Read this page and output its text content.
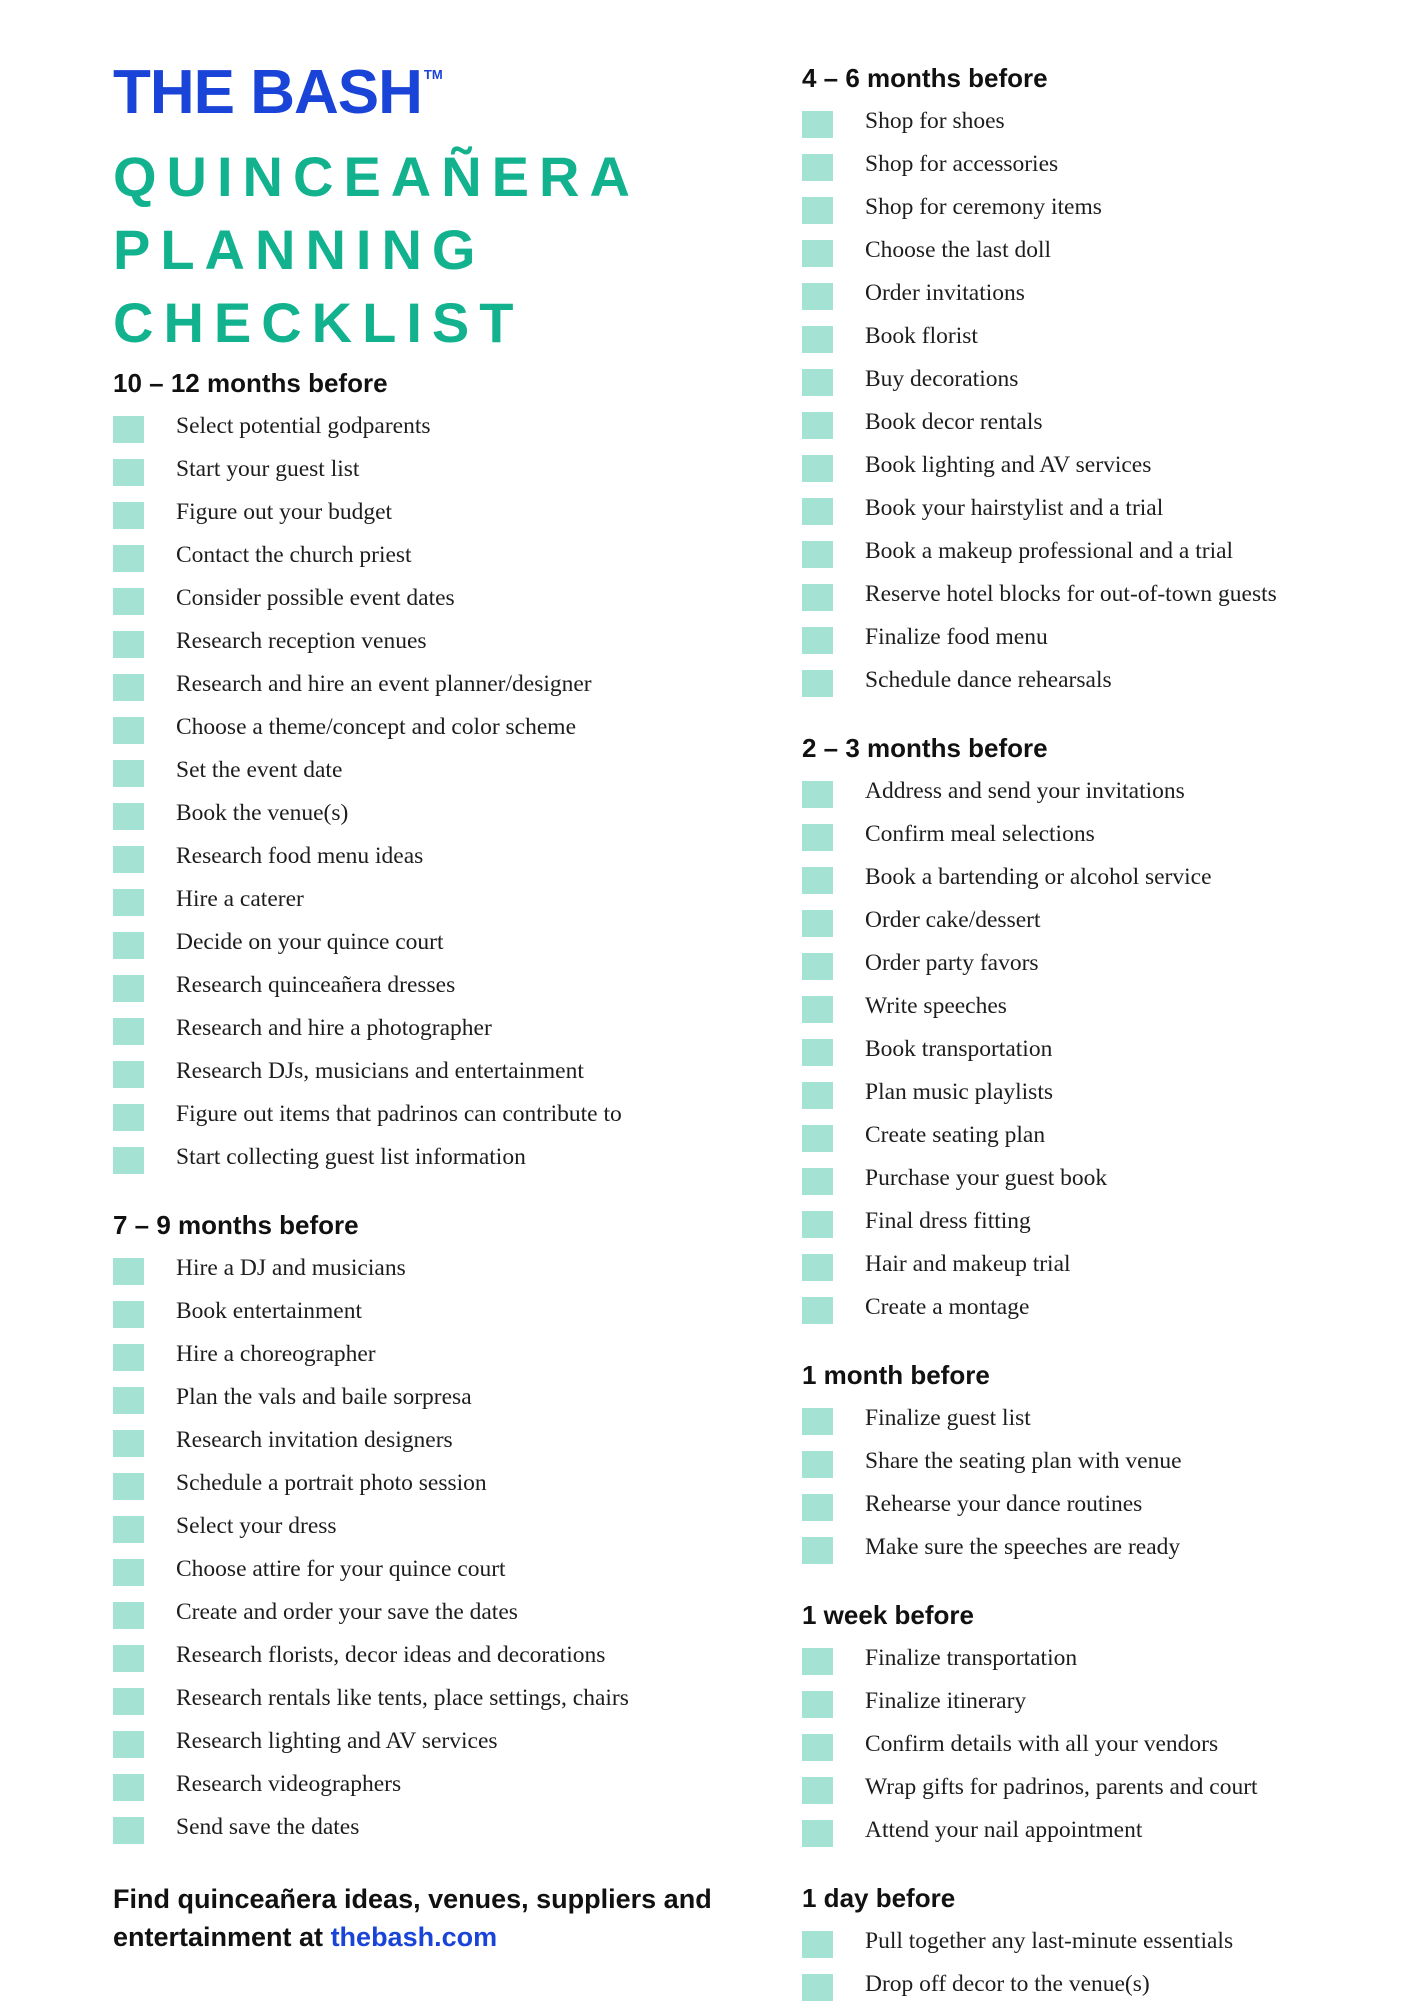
THE BASH ™
QUINCEAÑERA
PLANNING
CHECKLIST
10 – 12 months before
Select potential godparents
Start your guest list
Figure out your budget
Contact the church priest
Consider possible event dates
Research reception venues
Research and hire an event planner/designer
Choose a theme/concept and color scheme
Set the event date
Book the venue(s)
Research food menu ideas
Hire a caterer
Decide on your quince court
Research quinceañera dresses
Research and hire a photographer
Research DJs, musicians and entertainment
Figure out items that padrinos can contribute to
Start collecting guest list information
7 – 9 months before
Hire a DJ and musicians
Book entertainment
Hire a choreographer
Plan the vals and baile sorpresa
Research invitation designers
Schedule a portrait photo session
Select your dress
Choose attire for your quince court
Create and order your save the dates
Research florists, decor ideas and decorations
Research rentals like tents, place settings, chairs
Research lighting and AV services
Research videographers
Send save the dates
4 – 6 months before
Shop for shoes
Shop for accessories
Shop for ceremony items
Choose the last doll
Order invitations
Book florist
Buy decorations
Book decor rentals
Book lighting and AV services
Book your hairstylist and a trial
Book a makeup professional and a trial
Reserve hotel blocks for out-of-town guests
Finalize food menu
Schedule dance rehearsals
2 – 3 months before
Address and send your invitations
Confirm meal selections
Book a bartending or alcohol service
Order cake/dessert
Order party favors
Write speeches
Book transportation
Plan music playlists
Create seating plan
Purchase your guest book
Final dress fitting
Hair and makeup trial
Create a montage
1 month before
Finalize guest list
Share the seating plan with venue
Rehearse your dance routines
Make sure the speeches are ready
1 week before
Finalize transportation
Finalize itinerary
Confirm details with all your vendors
Wrap gifts for padrinos, parents and court
Attend your nail appointment
1 day before
Pull together any last-minute essentials
Drop off decor to the venue(s)
Find quinceañera ideas, venues, suppliers and entertainment at thebash.com
